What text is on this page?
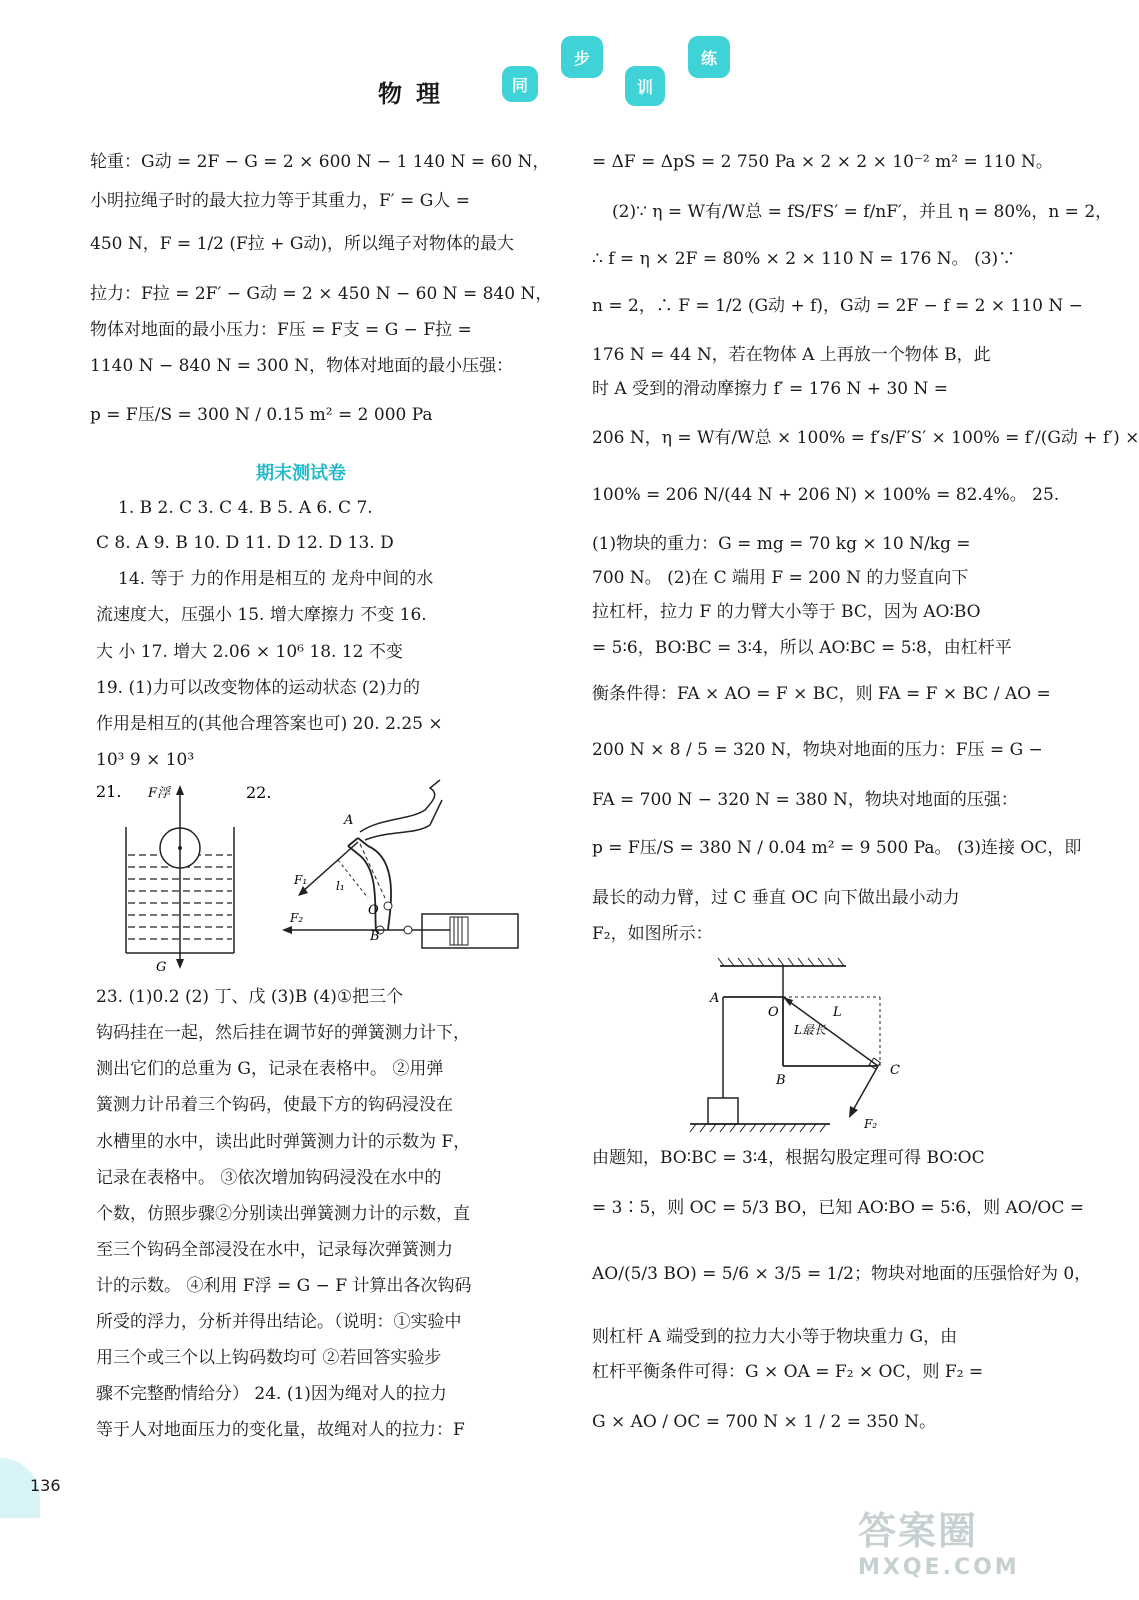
物理	同
步
训
练
轮重：G动 = 2F − G = 2 × 600 N − 1 140 N = 60 N，
小明拉绳子时的最大拉力等于其重力，F′ = G人 =
450 N，F = 1/2 (F拉 + G动)，所以绳子对物体的最大
拉力：F拉 = 2F′ − G动 = 2 × 450 N − 60 N = 840 N，
物体对地面的最小压力：F压 = F支 = G − F拉 =
1140 N − 840 N = 300 N，物体对地面的最小压强：
p = F压/S = 300 N / 0.15 m² = 2 000 Pa
期末测试卷
1. B 2. C 3. C 4. B 5. A 6. C 7.
C 8. A 9. B 10. D 11. D 12. D 13. D
14. 等于 力的作用是相互的 龙舟中间的水
流速度大，压强小 15. 增大摩擦力 不变 16.
大 小 17. 增大 2.06 × 10⁶ 18. 12 不变
19. (1)力可以改变物体的运动状态 (2)力的
作用是相互的(其他合理答案也可) 20. 2.25 ×
10³ 9 × 10³
21. F浮
G
22.
A
F₁ l₁
O
F₂
B
23. (1)0.2 (2) 丁、戊 (3)B (4)①把三个
钩码挂在一起，然后挂在调节好的弹簧测力计下，
测出它们的总重为 G，记录在表格中。 ②用弹
簧测力计吊着三个钩码，使最下方的钩码浸没在
水槽里的水中，读出此时弹簧测力计的示数为 F，
记录在表格中。 ③依次增加钩码浸没在水中的
个数，仿照步骤②分别读出弹簧测力计的示数，直
至三个钩码全部浸没在水中，记录每次弹簧测力
计的示数。 ④利用 F浮 = G − F 计算出各次钩码
所受的浮力，分析并得出结论。（说明：①实验中
用三个或三个以上钩码数均可 ②若回答实验步
骤不完整酌情给分） 24. (1)因为绳对人的拉力
等于人对地面压力的变化量，故绳对人的拉力：F
= ΔF = ΔpS = 2 750 Pa × 2 × 2 × 10⁻² m² = 110 N。
(2)∵ η = W有/W总 = fS/FS′ = f/nF′，并且 η = 80%，n = 2，
∴ f = η × 2F = 80% × 2 × 110 N = 176 N。 (3)∵
n = 2，∴ F = 1/2 (G动 + f)，G动 = 2F − f = 2 × 110 N −
176 N = 44 N，若在物体 A 上再放一个物体 B，此
时 A 受到的滑动摩擦力 f′ = 176 N + 30 N =
206 N，η = W有/W总 × 100% = f′s/F′S′ × 100% = f′/(G动 + f′) ×
100% = 206 N/(44 N + 206 N) × 100% = 82.4%。 25.
(1)物块的重力：G = mg = 70 kg × 10 N/kg =
700 N。 (2)在 C 端用 F = 200 N 的力竖直向下
拉杠杆，拉力 F 的力臂大小等于 BC，因为 AO∶BO
= 5∶6，BO∶BC = 3∶4，所以 AO∶BC = 5∶8，由杠杆平
衡条件得：FA × AO = F × BC，则 FA = F × BC / AO =
200 N × 8 / 5 = 320 N，物块对地面的压力：F压 = G −
FA = 700 N − 320 N = 380 N，物块对地面的压强：
p = F压/S = 380 N / 0.04 m² = 9 500 Pa。 (3)连接 OC，即
最长的动力臂，过 C 垂直 OC 向下做出最小动力
F₂，如图所示：
A
O	L
L最长
C
B
F₂
由题知，BO∶BC = 3∶4，根据勾股定理可得 BO∶OC
= 3∶5，则 OC = 5/3 BO，已知 AO∶BO = 5∶6，则 AO/OC =
AO/(5/3 BO) = 5/6 × 3/5 = 1/2；物块对地面的压强恰好为 0，
则杠杆 A 端受到的拉力大小等于物块重力 G，由
杠杆平衡条件可得：G × OA = F₂ × OC，则 F₂ =
G × AO / OC = 700 N × 1 / 2 = 350 N。
136
答案圈
MXQE.COM
